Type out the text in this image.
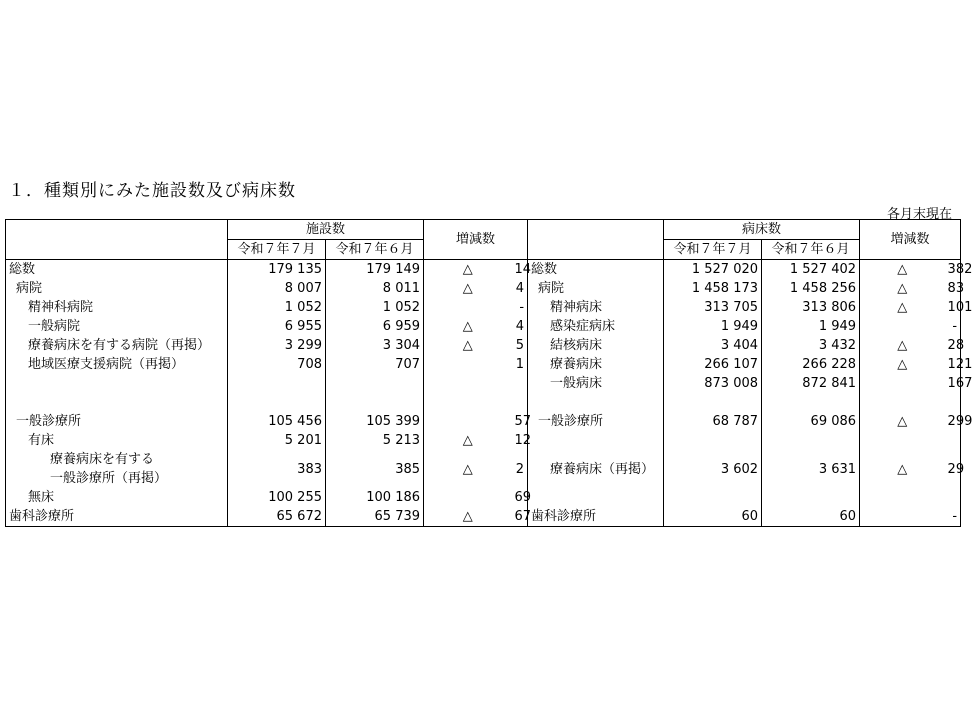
１．種類別にみた施設数及び病床数
各月末現在
	施設数		増減数			病床数		増減数	
	令和７年７月	令和７年６月				令和７年７月	令和７年６月		
総数	179 135	179 149	△	14	総数	1 527 020	1 527 402	△	382
病院	8 007	8 011	△	4	病院	1 458 173	1 458 256	△	83
精神科病院	1 052	1 052		-	精神病床	313 705	313 806	△	101
一般病院	6 955	6 959	△	4	感染症病床	1 949	1 949		-
療養病床を有する病院（再掲）	3 299	3 304	△	5	結核病床	3 404	3 432	△	28
地域医療支援病院（再掲）	708	707		1	療養病床	266 107	266 228	△	121
					一般病床	873 008	872 841		167

一般診療所	105 456	105 399		57	一般診療所	68 787	69 086	△	299
有床	5 201	5 213	△	12					

療養病床を有する
一般診療所（再掲）	383	385	△	2	療養病床（再掲）	3 602	3 631	△	29
無床	100 255	100 186		69					
歯科診療所	65 672	65 739	△	67	歯科診療所	60	60		-
